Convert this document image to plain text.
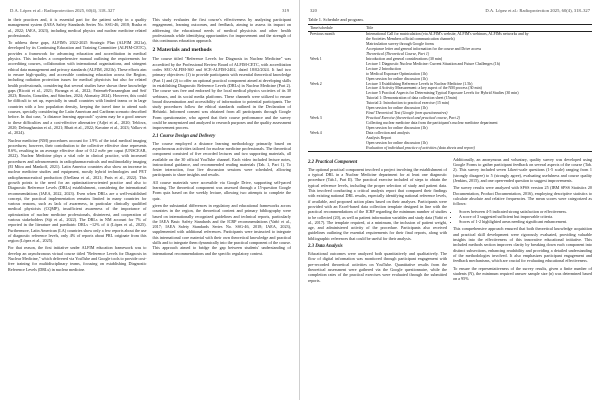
D.A. López et al.: Radioprotection 2025, 60(4), 318–327	319

in their practices and, it is essential part for the patient safety in a quality management system (IAEA Safety Standards Series No. SSG-46, 2018; Rusha et al., 2022; IAEA, 2023), including medical physics and nuclear medicine related professionals.

To address these gaps, ALFIM's 2022-2025 Strategic Plan (ALFIM 2021a), developed by its Continuing Education and Training Committee (ALFIM-CETC), provides a framework for advancing education and accreditation in medical physics. This includes a comprehensive manual outlining the requirements for accrediting courses, collaboration with international organizations, and stringent ethical data management and privacy standards (ALFIM, 2021b). These efforts aim to ensure high-quality, and accessible continuing education across the Region, including radiation protection issues for medical physicists but also for related health professionals, considering that several studies have shown these knowledge gaps (Ricotti et al., 2021; Bwanga et al., 2022; Fatemeh-Farzaneghan and Seif 2023; Rincón, González, and Sánchez, 2024; Alomairy 2024). However, this could be difficult to set up, especially in small countries with limited teams or in large countries with a low population density, keeping the travel time to attend such courses, specially considering the Latin American and Caribean scenario described before. In that case, "a distance learning approach" system may be a good answer to these difficulties and a cost-effective alternative (Adjei et al., 2020; Teblova, 2020; Delmaghanian et al., 2021; Bhatt et al., 2022; Kavaine et al., 2023; Valkov et al., 2024).

Nuclear medicine (NM) procedures account for 1.9% of the total medical imaging procedures; however, their contribution to the collective effective dose represents 8.6%, resulting in an average effective dose of 0.12 mSv per caput (UNSCEAR, 2022). Nuclear Medicine plays a vital role in clinical practice, with increased procedures and advancements in radiopharmaceuticals and multimodality imaging (El Mitra and Mankoff, 2021). Latin America countries also show an increase in nuclear medicine studies and equipment, mostly hybrid technologies and PET radiopharmaceutical production (Orellana et al., 2021; Paris et al., 2022). This growth points to the need for an optimization-oriented practice and also to Diagnostic Reference Levels (DRLs) establishment, considering the international recommendations (IAEA, 2022, 2023). Even when DRLs are a well-established concept, the practical implementation remains limited in many countries for various reasons, such as lack of awareness, in particular clinically qualified medical physicists (CQMP), insufficient awareness of the importance of optimization of nuclear medicine professionals, disinterest, and cooperation of various stakeholders (Siji et al., 2022). The DRLs in NM account for 7% of reported in the literature and paediatric DRLs ~12% of it (López et al., 2025). Furthermore, Latin American (LA) countries show only a few reports about the use of diagnostic reference levels, only 4% of reports about PRL originate from this region (López et al., 2025).

For that reason, the first initiative under ALFIM education framework was to develop an asynchronous virtual course titled "Reference Levels for Diagnosis in Nuclear Medicine," which delivered via YouTube and Google tools to provide cost-free training for multidisciplinary teams, focusing on establishing Diagnostic Reference Levels (DRLs) in nuclear medicine.

This study evaluates the first course's effectiveness by analyzing participant engagement, learning outcomes, and feedback, aiming to assess its impact on addressing the educational needs of medical physicists and other health professionals while identifying opportunities for improvement and the strength of this continuous education approach.

2 Materials and methods

The course titled "Reference Levels for Diagnosis in Nuclear Medicine" was accredited by the Professional Review Board of ALFIM-CETC, with accreditation codes SEC-ALFIM-360 and SCE-ALFIM-2402, dated 18/02/2024. It had two primary objectives: (1) to provide participants with essential theoretical knowledge (Part 1) and (2) to offer an optional practical component aimed at developing skills in establishing Diagnostic Reference Levels (DRLs) in Nuclear Medicine (Part 2). The course was free and endorsed by the local medical physics societies of its 30 webinars, and its social media platforms. These channels were utilized to ensure broad dissemination and accessibility of information to potential participants. The study procedures follow the ethical standards outlined in the Declaration of Helsinki. Informed consent was obtained from all participants through Google Form questionnaire, who agreed that their course performance and the survey could be anonymized and analyzed to research purposes and the quality assessment improvement process.

2.1 Course Design and Delivery

The course employed a distance learning methodology primarily based on asynchronous activities tailored for nuclear medicine professionals. The theoretical component consisted of five recorded lectures and two supporting materials, all available on the 30 official YouTube channel. Each video included lecture notes, instructional guidance, and recommended reading materials (Tab. 1, Part 1). To foster interaction, four live discussion sessions were scheduled, allowing participants to share insights and results.

All course materials were accessible via Google Drive, supporting self-paced learning. The theoretical component was assessed through a 15-question Google Form quiz based on the weekly lecture, allowing two attempts to complete the quiz.

given the substantial differences in regulatory and educational frameworks across countries in the region, the theoretical content and primary bibliography were based on internationally recognized guidelines and technical reports, particularly the IAEA Basic Safety Standards and the ICRP recommendations (Vañó et al., 2017; IAEA Safety Standards Series No. SSG-46, 2018; IAEA, 2023), supplemented with additional references. Participants were instructed to integrate this international core material with their own theoretical knowledge and practical skills and to integrate them dynamically into the practical component of the course. This approach aimed to bridge the gap between students' understanding of international recommendations and the specific regulatory context.

320	D.A. López et al.: Radioprotection 2025, 60(4), 318–327
Table 1. Schedule and program.
Time/schedule	Title
Previous month	International Call for matriculation (via ALFIM's website, ALFIM's webinars, ALFIMs networks and by
	the Societies Members official communication channels)
	Matriculation survey through Google forms
	Acceptance letter and general information for the course and Drive access
	Theoretical (Theoretical Course, Part 1)
Week 1	Introduction and general considerations (30 min)
	Lecture 1 Diagnostic Nuclear Medicine: Current Situation and Future Challenges (1h)
	Lecture 2 Introduction
	to Medical Exposure Optimization (1h)
	Open session for online discussion (1h)
Week 2	Lecture 3 Establishing Reference Levels in Nuclear Medicine (1.5h)
	Lecture 4 Activity Measurement: a key aspect of the NM process (30 min)
	Lecture 5 Practical Aspects for Determining Typical Exposure Levels for Hybrid Studies (30 min)
	Tutorial 1: Demonstration of data collection sheet (15min)
	Tutorial 2: Introduction to practical exercise (15 min)
	Open session for online discussion (1h)
	Final Theoretical Test (Google form questionnaires)
Week 3	Practical Exercise (theoretical and practical course, Part 2)
	Collecting nuclear medicine data from the participant's nuclear medicine department
	Open session for online discussion (1h)
Week 4	Data collection and analysis
	Analysis Report
	Open session for online discussion (1h)
	Evaluation of individual practice of activities (data sheets and report)
2.2 Practical Component

The optional practical component involved a project involving the establishment of a typical DRL in a Nuclear Medicine department for at least one diagnostic procedure (Tab.1, Part II). The practical exercise included of steps to obtain the typical reference levels, including the proper selection of study and patient data. This involved conducting a critical analysis report that compared their findings with existing national DRL results, especially identifying national reference levels, if available, and proposed action plans based on their analyses. Participants were provided with an Excel-based data collection template designed in line with the practical recommendations of the ICRP regarding the minimum number of studies to be collected (20), as well as patient information variables and study data (Vañó et al., 2017). The template required, at a minimum, the inclusion of patient weight, age, and administered activity of the procedure. Participants also received guidelines outlining the essential requirements for their final reports, along with bibliographic references that could be useful for their analysis.

2.3 Data Analysis

Educational outcomes were analyzed both quantitatively and qualitatively. The flow of digital information was monitored through participant engagement with pre-recorded theoretical activities on YouTube. Quantitative results from the theoretical assessment were gathered via the Google questionnaire, while the completion rates of the practical exercises were evaluated through the submitted reports.

Additionally, an anonymous and voluntary, quality survey was developed using Google Forms to gather participant feedback on several aspects of the course (Tab. 2). This survey included seven Likert-scale questions (1-5 scale) ranging from 1 (strongly disagree) to 5 (strongly agree), evaluating usefulness and course quality (Jenkins, 2015), and one open-ended question to suggest improvements.

The survey results were analyzed with SPSS version 25 (IBM SPSS Statistics 20 Documentation, Product Documentation, 2016), employing descriptive statistics to calculate absolute and relative frequencies. The mean scores were categorized as follows:

• Scores between 4-5 indicated strong satisfaction or effectiveness.
• A score of 3 suggested sufficient but improvable criteria.
• Scores of 1-2 highlighted areas needing significant enhancement.

This comprehensive approach ensured that both theoretical knowledge acquisition and practical skill development were rigorously evaluated, providing valuable insights into the effectiveness of this innovative educational initiative. This included methods section improves clarity by breaking down each component into distinct subsections, enhancing readability and providing a detailed understanding of the methodologies involved. It also emphasizes participant engagement and feedback mechanisms, which are crucial for evaluating educational effectiveness.

To ensure the representativeness of the survey results, given a finite number of students (N), the minimum required answer sample size (n) was determined based on a 95%
